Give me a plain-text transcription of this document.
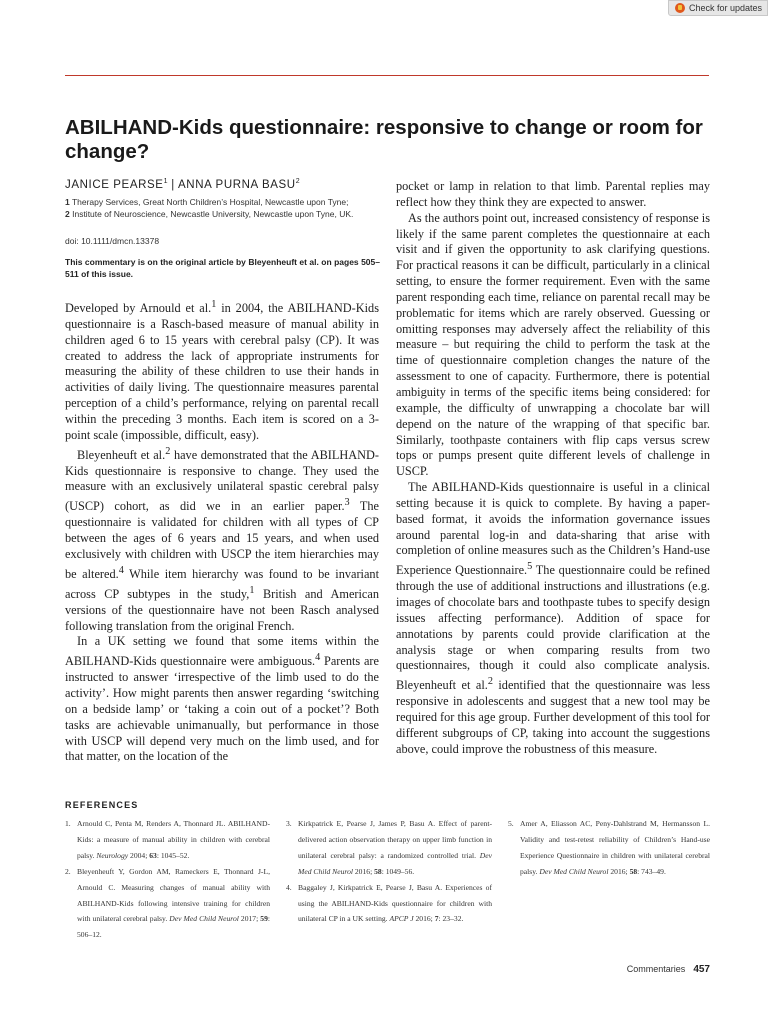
Check for updates
ABILHAND-Kids questionnaire: responsive to change or room for change?
JANICE PEARSE$^1$ | ANNA PURNA BASU$^2$
1 Therapy Services, Great North Children’s Hospital, Newcastle upon Tyne;
2 Institute of Neuroscience, Newcastle University, Newcastle upon Tyne, UK.
doi: 10.1111/dmcn.13378
This commentary is on the original article by Bleyenheuft et al. on pages 505–511 of this issue.

Developed by Arnould et al.$^1$ in 2004, the ABILHAND-Kids questionnaire is a Rasch-based measure of manual ability in children aged 6 to 15 years with cerebral palsy (CP). It was created to address the lack of appropriate instruments for measuring the ability of these children to use their hands in activities of daily living. The questionnaire measures parental perception of a child’s performance, relying on parental recall within the preceding 3 months. Each item is scored on a 3-point scale (impossible, difficult, easy).

Bleyenheuft et al.$^2$ have demonstrated that the ABILHAND-Kids questionnaire is responsive to change. They used the measure with an exclusively unilateral spastic cerebral palsy (USCP) cohort, as did we in an earlier paper.$^3$ The questionnaire is validated for children with all types of CP between the ages of 6 years and 15 years, and when used exclusively with children with USCP the item hierarchies may be altered.$^4$ While item hierarchy was found to be invariant across CP subtypes in the study,$^1$ British and American versions of the questionnaire have not been Rasch analysed following translation from the original French.

In a UK setting we found that some items within the ABILHAND-Kids questionnaire were ambiguous.$^4$ Parents are instructed to answer ‘irrespective of the limb used to do the activity’. How might parents then answer regarding ‘switching on a bedside lamp’ or ‘taking a coin out of a pocket’? Both tasks are achievable unimanually, but performance in those with USCP will depend very much on the limb used, and for that matter, on the location of the

pocket or lamp in relation to that limb. Parental replies may reflect how they think they are expected to answer.

As the authors point out, increased consistency of response is likely if the same parent completes the questionnaire at each visit and if given the opportunity to ask clarifying questions. For practical reasons it can be difficult, particularly in a clinical setting, to ensure the former requirement. Even with the same parent responding each time, reliance on parental recall may be problematic for items which are rarely observed. Guessing or omitting responses may adversely affect the reliability of this measure – but requiring the child to perform the task at the time of questionnaire completion changes the nature of the assessment to one of capacity. Furthermore, there is potential ambiguity in terms of the specific items being considered: for example, the difficulty of unwrapping a chocolate bar will depend on the nature of the wrapping of that specific bar. Similarly, toothpaste containers with flip caps versus screw tops or pumps present quite different levels of challenge in USCP.

The ABILHAND-Kids questionnaire is useful in a clinical setting because it is quick to complete. By having a paper-based format, it avoids the information governance issues around parental log-in and data-sharing that arise with completion of online measures such as the Children’s Hand-use Experience Questionnaire.$^5$ The questionnaire could be refined through the use of additional instructions and illustrations (e.g. images of chocolate bars and toothpaste tubes to specify design issues affecting performance). Addition of space for annotations by parents could provide clarification at the analysis stage or when comparing results from two questionnaires, though it could also complicate analysis. Bleyenheuft et al.$^2$ identified that the questionnaire was less responsive in adolescents and suggest that a new tool may be required for this age group. Further development of this tool for different subgroups of CP, taking into account the suggestions above, could improve the robustness of this measure.

REFERENCES
1. Arnould C, Penta M, Renders A, Thonnard JL. ABILHAND-Kids: a measure of manual ability in children with cerebral palsy. Neurology 2004; 63: 1045–52.
2. Bleyenheuft Y, Gordon AM, Rameckers E, Thonnard J-L, Arnould C. Measuring changes of manual ability with ABILHAND-Kids following intensive training for children with unilateral cerebral palsy. Dev Med Child Neurol 2017; 59: 506–12.
3. Kirkpatrick E, Pearse J, James P, Basu A. Effect of parent-delivered action observation therapy on upper limb function in unilateral cerebral palsy: a randomized controlled trial. Dev Med Child Neurol 2016; 58: 1049–56.
4. Baggaley J, Kirkpatrick E, Pearse J, Basu A. Experiences of using the ABILHAND-Kids questionnaire for children with unilateral CP in a UK setting. APCP J 2016; 7: 23–32.
5. Amer A, Eliasson AC, Peny-Dahlstrand M, Hermansson L. Validity and test-retest reliability of Children’s Hand-use Experience Questionnaire in children with unilateral cerebral palsy. Dev Med Child Neurol 2016; 58: 743–49.
Commentaries 457
